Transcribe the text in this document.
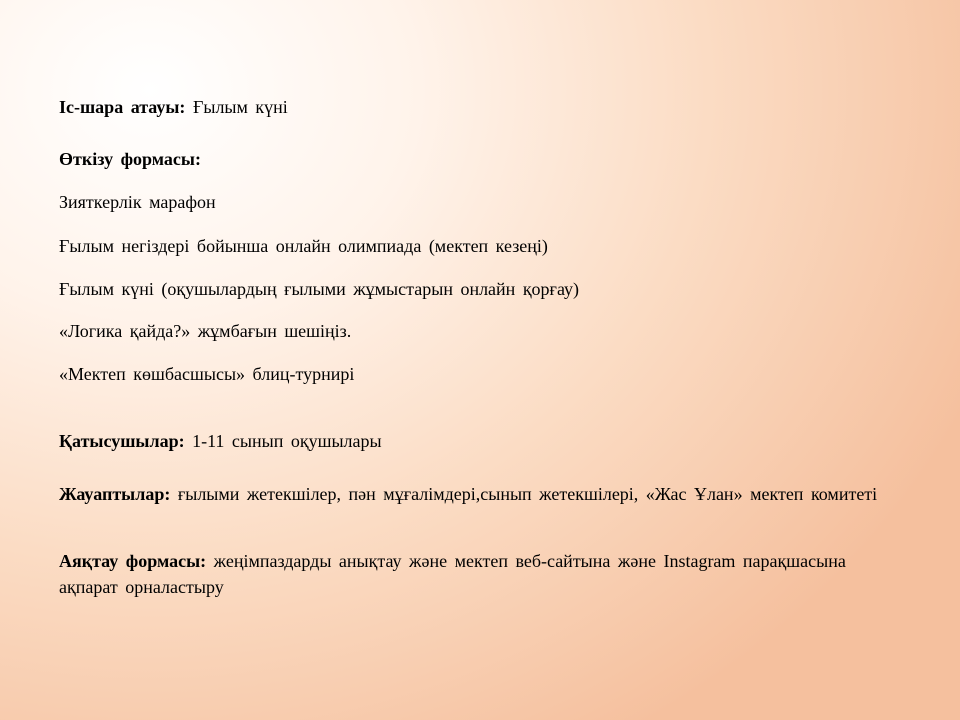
Іс-шара атауы: Ғылым күні
Өткізу формасы:
Зияткерлік марафон
Ғылым негіздері бойынша онлайн олимпиада (мектеп кезеңі)
Ғылым күні (оқушылардың ғылыми жұмыстарын онлайн қорғау)
«Логика қайда?» жұмбағын шешіңіз.
«Мектеп көшбасшысы» блиц-турнирі
Қатысушылар: 1-11 сынып оқушылары
Жауаптылар: ғылыми жетекшілер, пән мұғалімдері,сынып жетекшілері, «Жас Ұлан» мектеп комитеті
Аяқтау формасы: жеңімпаздарды анықтау және мектеп веб-сайтына және Instagram парақшасына ақпарат орналастыру
